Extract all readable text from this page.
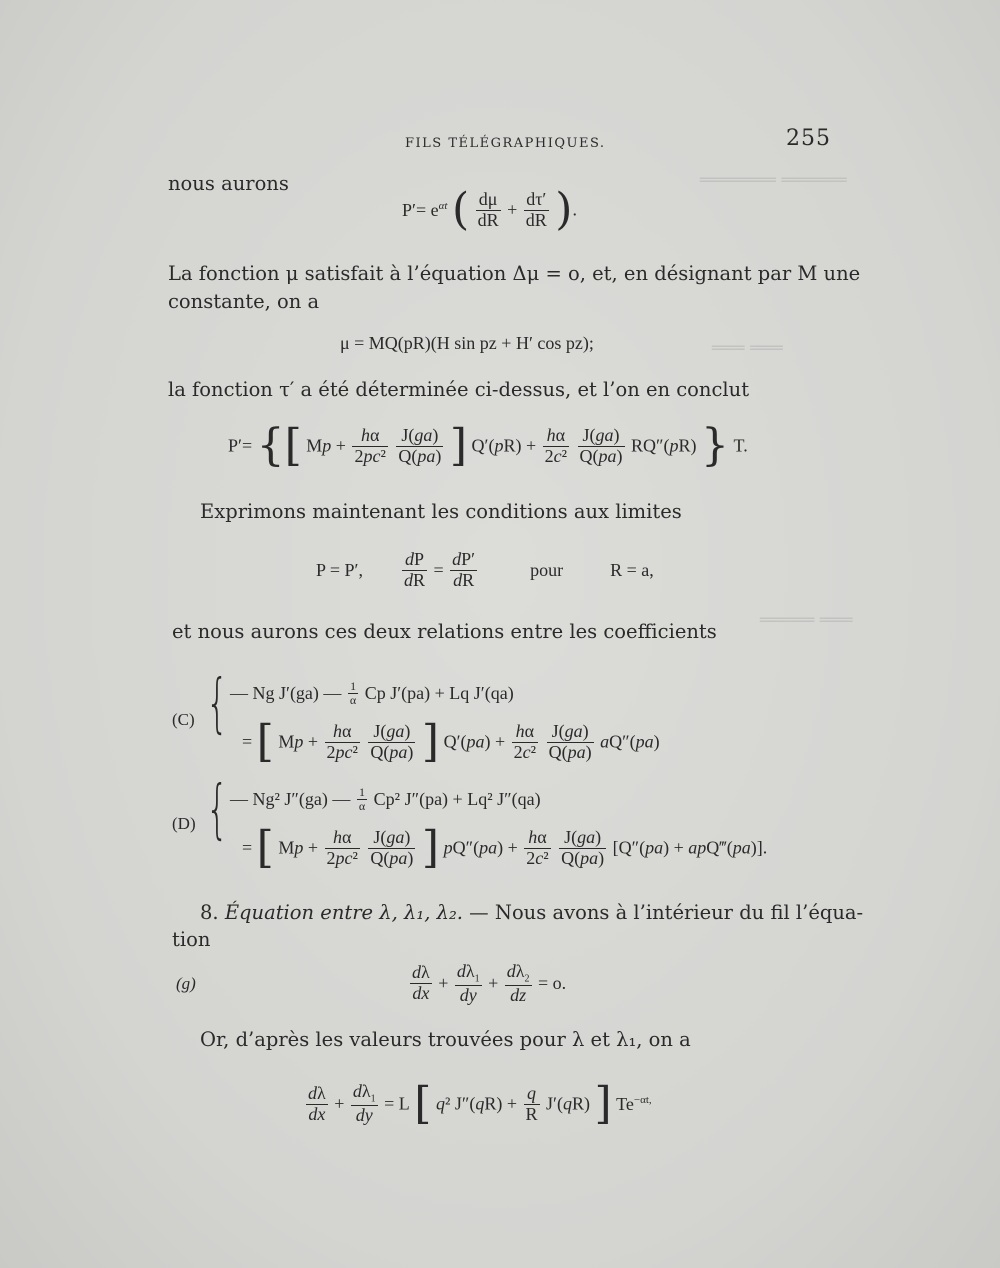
═══════ ══════
═══ ═══
═════ ═══
FILS TÉLÉGRAPHIQUES.	255
nous aurons
$P'= e^{\alpha t}$ ( $\frac{d\mu}{dR} + \frac{d\tau'}{dR}$ ).
La fonction μ satisfait à l’équation Δμ = o, et, en désignant par M une
constante, on a
μ = MQ(pR)(H sin pz + H′ cos pz);
la fonction τ′ a été déterminée ci-dessus, et l’on en conclut
P′= {[ $Mp + \frac{h\alpha}{\text{2pc²}}$
$\frac{J(ga)}{Q(pa)}$ ] $Q'(pR) + \frac{h\alpha}{\text{2c²}}$
$\frac{J(ga)}{Q(pa)} RQ''(pR)$ } T.
Exprimons maintenant les conditions aux limites
P = P′, $\frac{dP}{dR} = \frac{dP'}{dR}$	pour	R = a,
et nous aurons ces deux relations entre les coefficients
(C) { — Ng J′(ga) — $\frac{1}{\alpha}$ Cp J′(pa) + Lq J′(qa)
= [ $Mp + \frac{h\alpha}{\text{2pc²}}$
$\frac{J(ga)}{Q(pa)}$ ] $Q'(pa) + \frac{h\alpha}{\text{2c²}}$
$\frac{J(ga)}{Q(pa)} aQ''(pa)$
(D) { — Ng² J″(ga) — $\frac{1}{\alpha} Cp^2$ J″(pa) + Lq² J″(qa)
= [ $Mp + \frac{h\alpha}{\text{2pc²}}$
$\frac{J(ga)}{Q(pa)}$ ] $pQ''(pa) + \frac{h\alpha}{\text{2c²}}$
$\frac{J(ga)}{Q(pa)} [Q''(pa)$ + apQ‴(pa)].
8. Équation entre λ, λ₁, λ₂. — Nous avons à l’intérieur du fil l’équa-
tion
(g)	$\frac{d\lambda}{dx} + \frac{d\lambda_1}{dy} + \frac{d\lambda_2}{dz} = o$.
Or, d’après les valeurs trouvées pour λ et λ₁, on a
$\frac{d\lambda}{dx} + \frac{d\lambda_1}{dy} = L$ [ q² $J''(qR) + \frac{q}{R} J'(qR)$ ] $Te^{-\alpha t,}$
